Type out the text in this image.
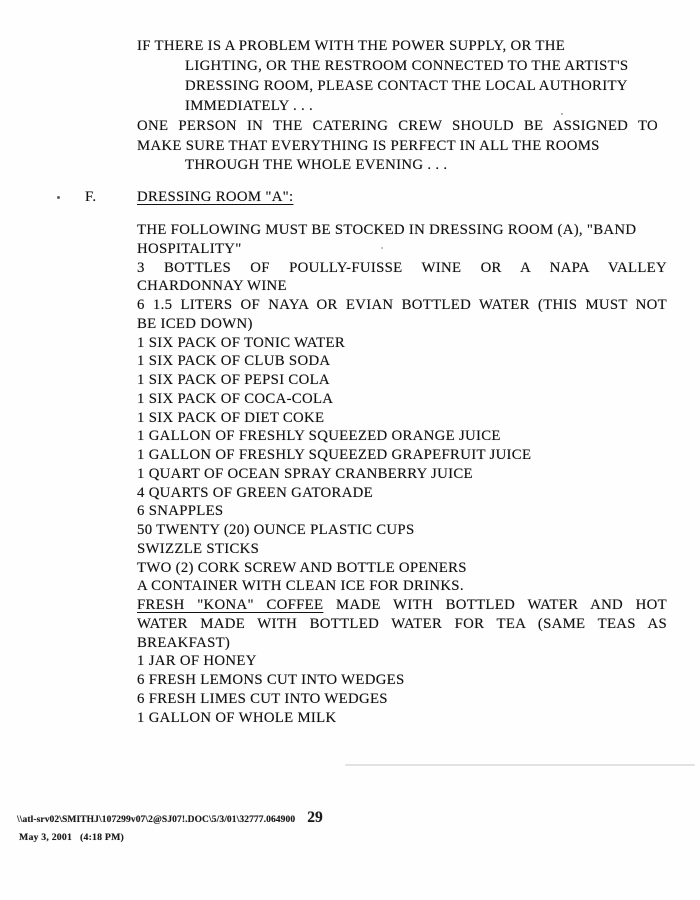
IF THERE IS A PROBLEM WITH THE POWER SUPPLY, OR THE
LIGHTING, OR THE RESTROOM CONNECTED TO THE ARTIST'S
DRESSING ROOM, PLEASE CONTACT THE LOCAL AUTHORITY
IMMEDIATELY . . .
ONE PERSON IN THE CATERING CREW SHOULD BE ASSIGNED TO
MAKE SURE THAT EVERYTHING IS PERFECT IN ALL THE ROOMS
THROUGH THE WHOLE EVENING . . .
F.	DRESSING ROOM "A":
THE FOLLOWING MUST BE STOCKED IN DRESSING ROOM (A), "BAND
HOSPITALITY"
3 BOTTLES OF POULLY-FUISSE WINE OR A NAPA VALLEY
CHARDONNAY WINE
6 1.5 LITERS OF NAYA OR EVIAN BOTTLED WATER (THIS MUST NOT
BE ICED DOWN)
1 SIX PACK OF TONIC WATER
1 SIX PACK OF CLUB SODA
1 SIX PACK OF PEPSI COLA
1 SIX PACK OF COCA-COLA
1 SIX PACK OF DIET COKE
1 GALLON OF FRESHLY SQUEEZED ORANGE JUICE
1 GALLON OF FRESHLY SQUEEZED GRAPEFRUIT JUICE
1 QUART OF OCEAN SPRAY CRANBERRY JUICE
4 QUARTS OF GREEN GATORADE
6 SNAPPLES
50 TWENTY (20) OUNCE PLASTIC CUPS
SWIZZLE STICKS
TWO (2) CORK SCREW AND BOTTLE OPENERS
A CONTAINER WITH CLEAN ICE FOR DRINKS.
FRESH "KONA" COFFEE MADE WITH BOTTLED WATER AND HOT
WATER MADE WITH BOTTLED WATER FOR TEA (SAME TEAS AS
BREAKFAST)
1 JAR OF HONEY
6 FRESH LEMONS CUT INTO WEDGES
6 FRESH LIMES CUT INTO WEDGES
1 GALLON OF WHOLE MILK
\\atl-srv02\SMITHJ\107299v07\2@SJ07!.DOC\5/3/01\32777.064900 29
May 3, 2001   (4:18 PM)
